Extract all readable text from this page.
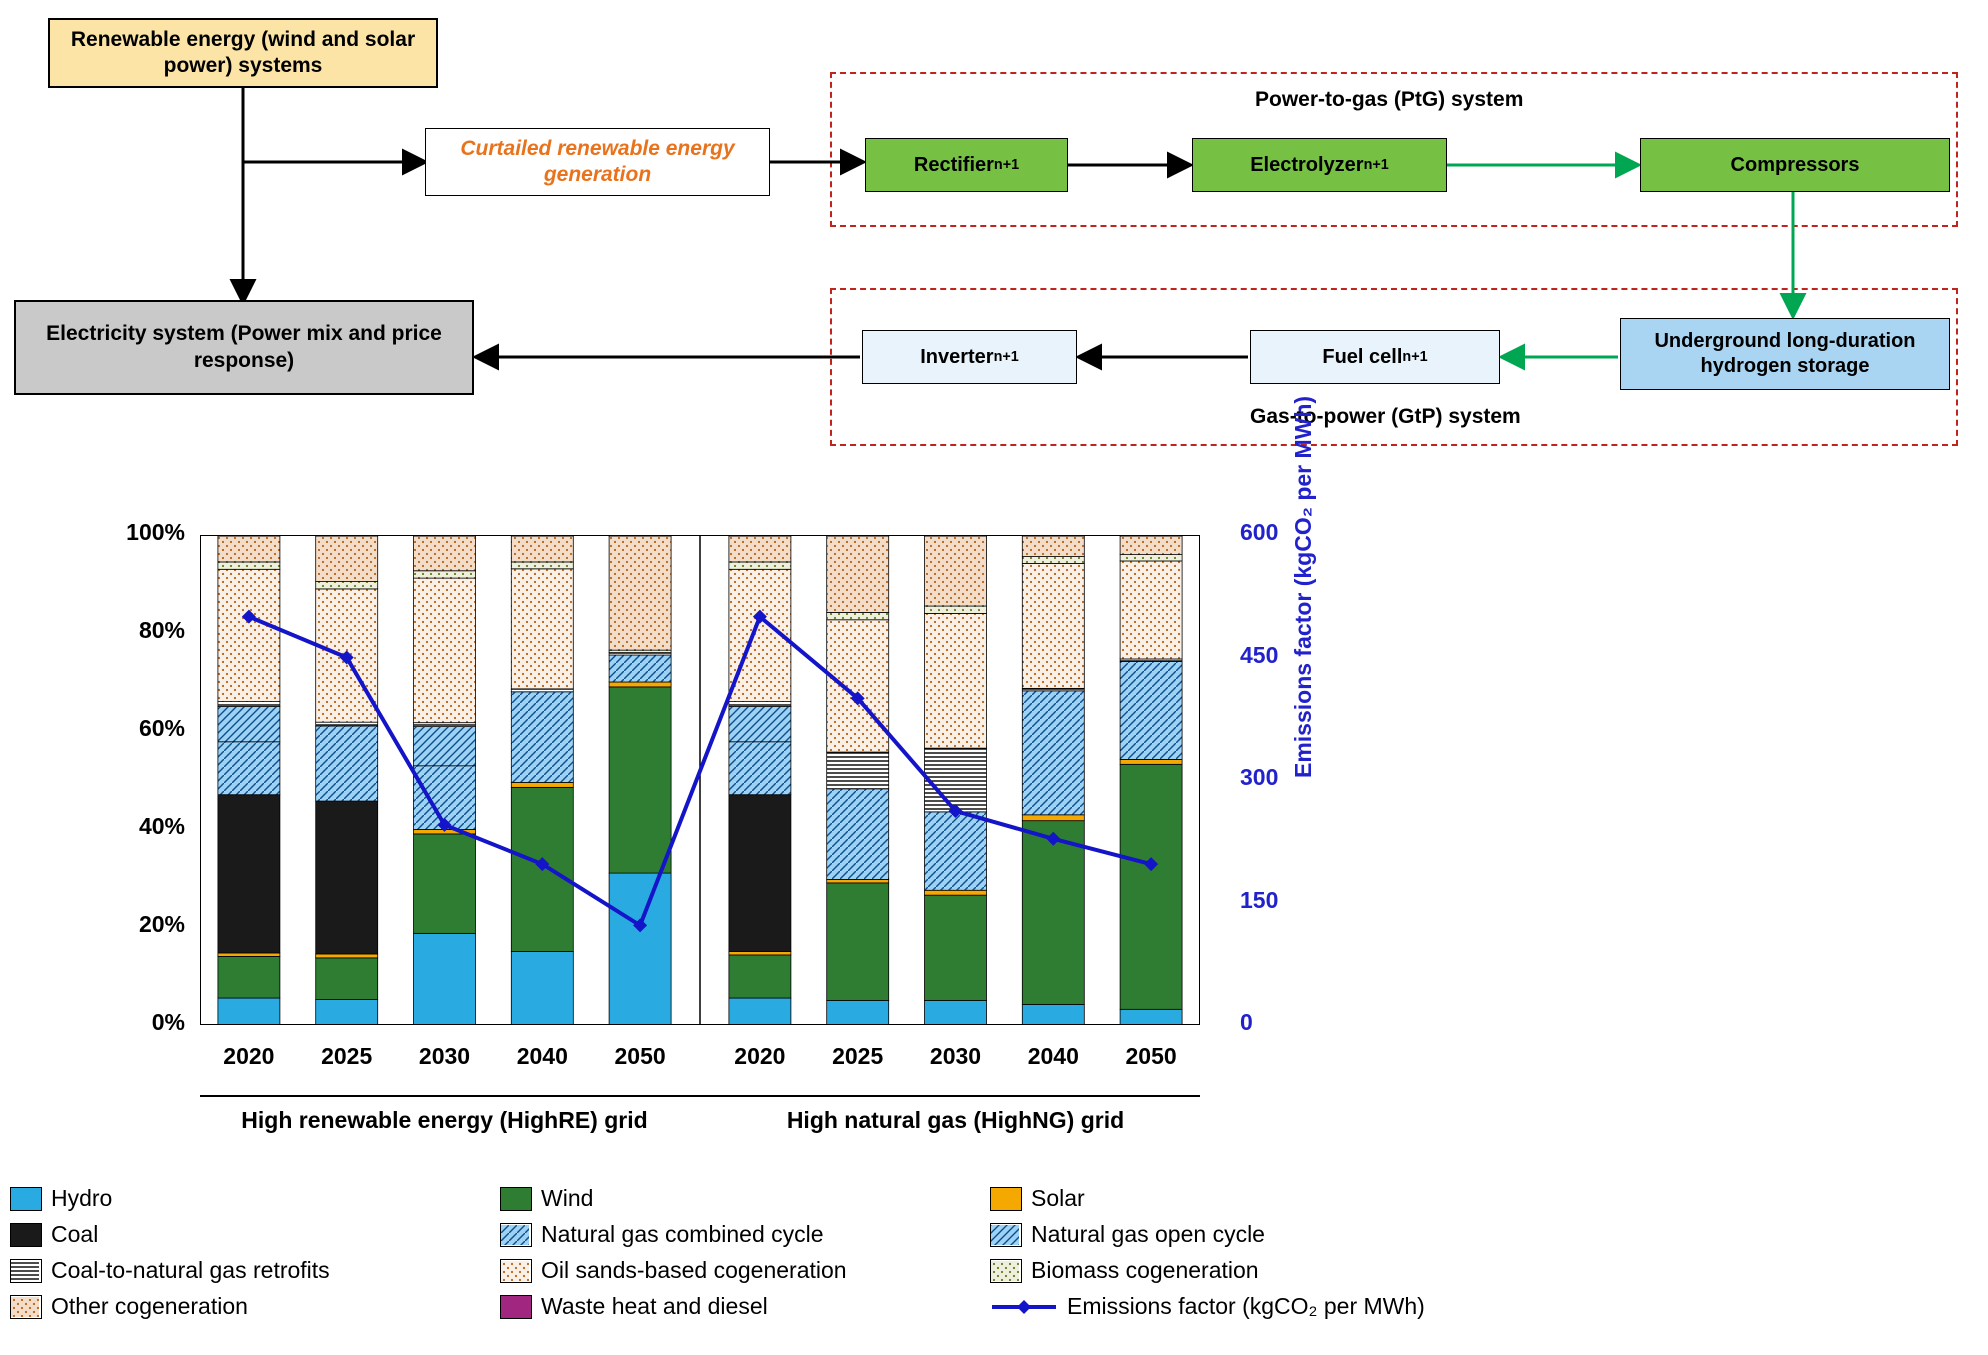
Power-to-gas (PtG) system
Gas-to-power (GtP) system
Renewable energy (wind and solar power) systems
Curtailed renewable energy generation
Electricity system (Power mix and price response)
Rectifier n+1	Electrolyzer n+1	Compressors
Underground long-duration hydrogen storage
Fuel cell n+1
Inverter n+1
Emissions factor (kgCO₂ per MWh)
0%
20%
40%
60%
80%
100%
0
150
300
450
600
2020	2025	2030	2040	2050	2020	2025	2030	2040	2050
High renewable energy (HighRE) grid	High natural gas (HighNG) grid
Hydro	Wind	Solar
Coal	Natural gas combined cycle	Natural gas open cycle
Coal-to-natural gas retrofits	Oil sands-based cogeneration	Biomass cogeneration
Other cogeneration	Waste heat and diesel	Emissions factor (kgCO₂ per MWh)
